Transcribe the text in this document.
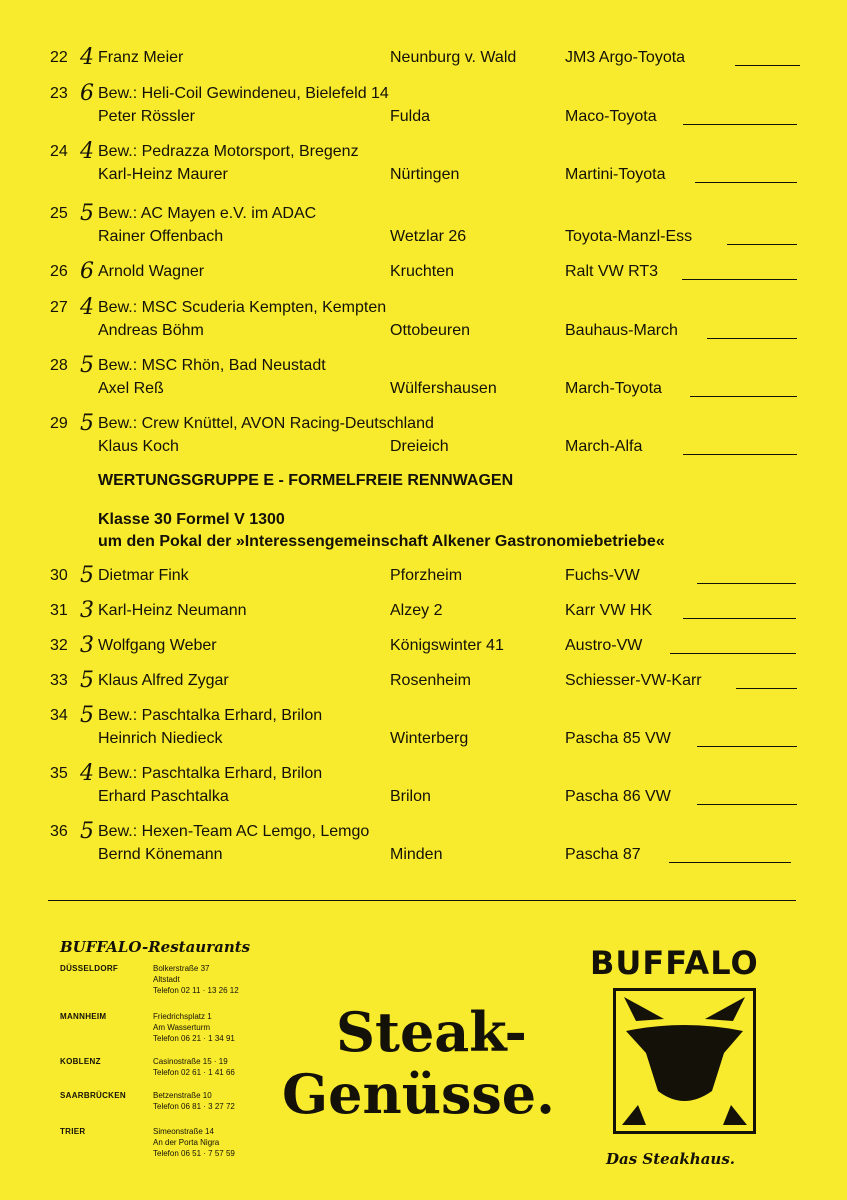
22 4 Franz Meier	Neunburg v. Wald	JM3 Argo-Toyota
23 6 Bew.: Heli-Coil Gewindeneu, Bielefeld 14
Peter Rössler	Fulda	Maco-Toyota
24 4 Bew.: Pedrazza Motorsport, Bregenz
Karl-Heinz Maurer	Nürtingen	Martini-Toyota
25 5 Bew.: AC Mayen e.V. im ADAC
Rainer Offenbach	Wetzlar 26	Toyota-Manzl-Ess
26 6 Arnold Wagner	Kruchten	Ralt VW RT3
27 4 Bew.: MSC Scuderia Kempten, Kempten
Andreas Böhm	Ottobeuren	Bauhaus-March
28 5 Bew.: MSC Rhön, Bad Neustadt
Axel Reß	Wülfershausen	March-Toyota
29 5 Bew.: Crew Knüttel, AVON Racing-Deutschland
Klaus Koch	Dreieich	March-Alfa
30 5 Dietmar Fink	Pforzheim	Fuchs-VW
31 3 Karl-Heinz Neumann	Alzey 2	Karr VW HK
32 3 Wolfgang Weber	Königswinter 41	Austro-VW
33 5 Klaus Alfred Zygar	Rosenheim	Schiesser-VW-Karr
34 5 Bew.: Paschtalka Erhard, Brilon
Heinrich Niedieck	Winterberg	Pascha 85 VW
35 4 Bew.: Paschtalka Erhard, Brilon
Erhard Paschtalka	Brilon	Pascha 86 VW
36 5 Bew.: Hexen-Team AC Lemgo, Lemgo
Bernd Könemann	Minden	Pascha 87
WERTUNGSGRUPPE E - FORMELFREIE RENNWAGEN
Klasse 30 Formel V 1300
um den Pokal der »Interessengemeinschaft Alkener Gastronomiebetriebe«
BUFFALO-Restaurants
DÜSSELDORF	Bolkerstraße 37
Altstadt
Telefon 02 11 · 13 26 12
MANNHEIM	Friedrichsplatz 1
Am Wasserturm
Telefon 06 21 · 1 34 91
KOBLENZ	Casinostraße 15 · 19
Telefon 02 61 · 1 41 66
SAARBRÜCKEN	Betzenstraße 10
Telefon 06 81 · 3 27 72
TRIER	Simeonstraße 14
An der Porta Nigra
Telefon 06 51 · 7 57 59
BUFFALO
Steak-
Genüsse.
Das Steakhaus.
